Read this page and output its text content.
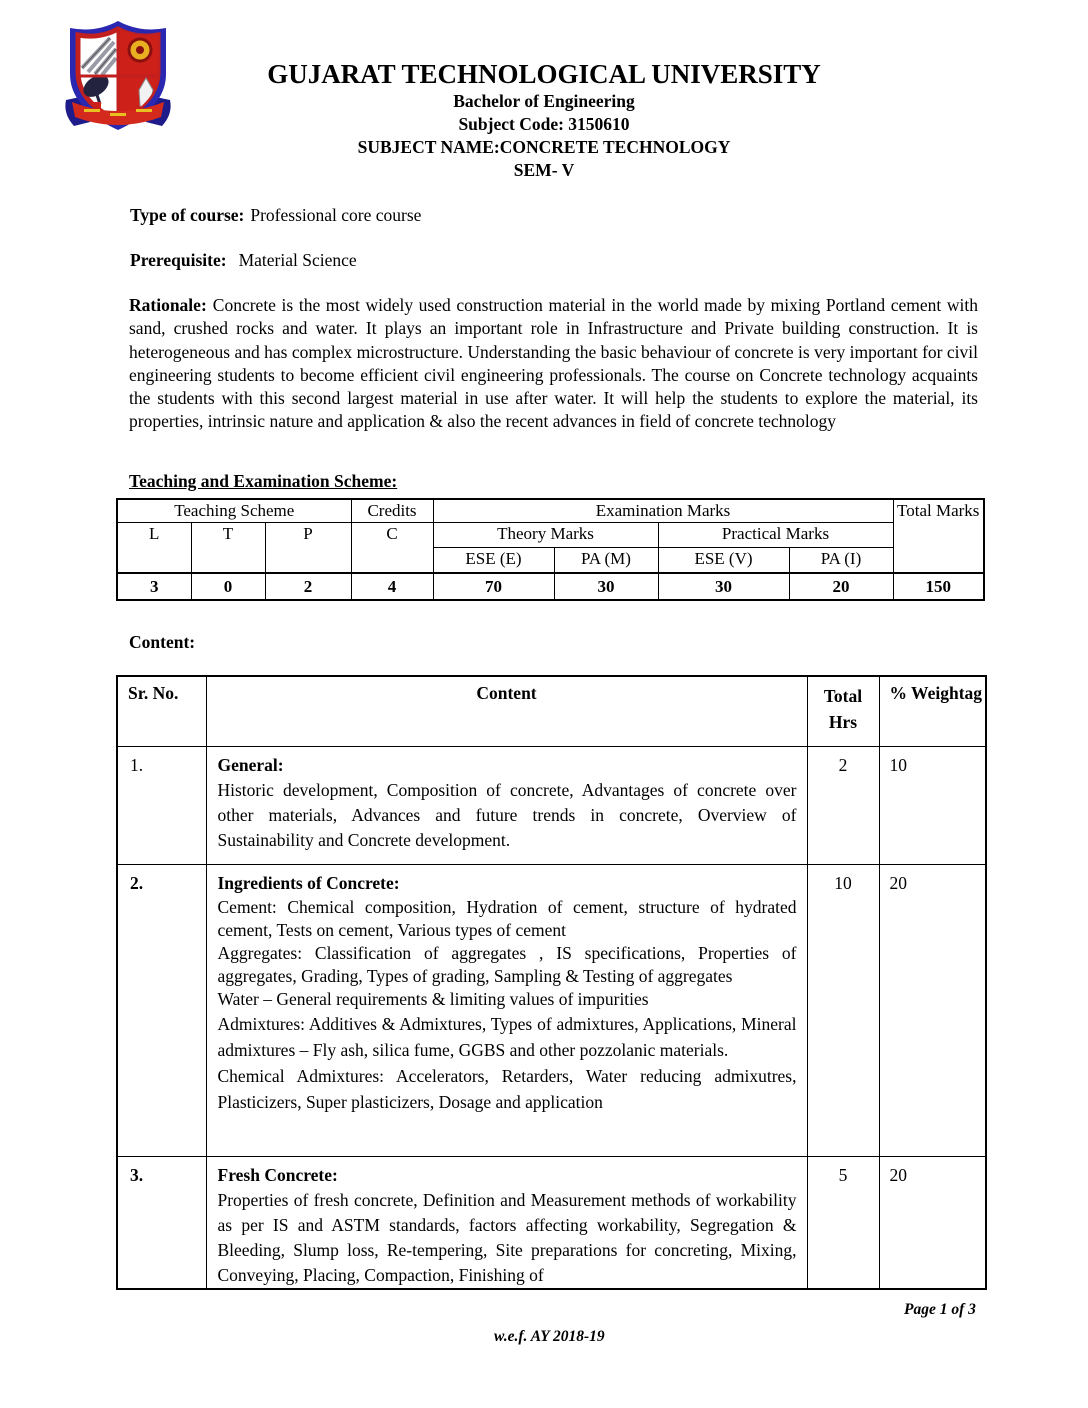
GUJARAT TECHNOLOGICAL UNIVERSITY
Bachelor of Engineering
Subject Code: 3150610
SUBJECT NAME:CONCRETE TECHNOLOGY
SEM- V
Type of course: Professional core course
Prerequisite: Material Science

Rationale: Concrete is the most widely used construction material in the world made by mixing Portland cement with sand, crushed rocks and water. It plays an important role in Infrastructure and Private building construction. It is heterogeneous and has complex microstructure. Understanding the basic behaviour of concrete is very important for civil engineering students to become efficient civil engineering professionals. The course on Concrete technology acquaints the students with this second largest material in use after water. It will help the students to explore the material, its properties, intrinsic nature and application & also the recent advances in field of concrete technology

Teaching and Examination Scheme:
Teaching Scheme			Credits	Examination Marks				Total Marks
L	T	P	C	Theory Marks		Practical Marks		
				ESE (E)	PA (M)	ESE (V)	PA (I)	
3	0	2	4	70	30	30	20	150
Content:
Sr. No.	Content	Total Hrs	% Weightag
1.	General:

Historic development, Composition of concrete, Advantages of concrete over other materials, Advances and future trends in concrete, Overview of Sustainability and Concrete development.	2	10
2.	Ingredients of Concrete:

Cement: Chemical composition, Hydration of cement, structure of hydrated cement, Tests on cement, Various types of cement

Aggregates: Classification of aggregates , IS specifications, Properties of aggregates, Grading, Types of grading, Sampling & Testing of aggregates

Water – General requirements & limiting values of impurities

Admixtures: Additives & Admixtures, Types of admixtures, Applications, Mineral admixtures – Fly ash, silica fume, GGBS and other pozzolanic materials.

Chemical Admixtures: Accelerators, Retarders, Water reducing admixutres, Plasticizers, Super plasticizers, Dosage and application

	10	20
3.	Fresh Concrete:

Properties of fresh concrete, Definition and Measurement methods of workability as per IS and ASTM standards, factors affecting workability, Segregation & Bleeding, Slump loss, Re-tempering, Site preparations for concreting, Mixing, Conveying, Placing, Compaction, Finishing of	5	20
Page 1 of 3
w.e.f. AY 2018-19
